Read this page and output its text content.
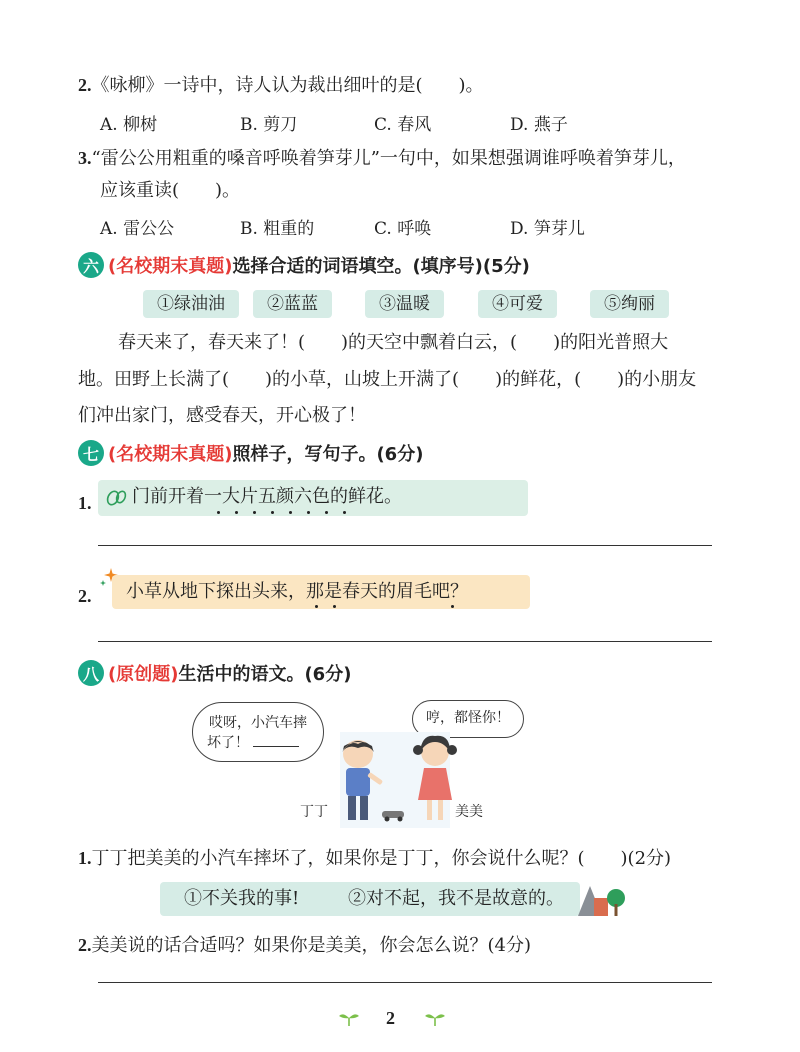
2.《咏柳》一诗中，诗人认为裁出细叶的是(　　)。
A. 柳树	B. 剪刀	C. 春风	D. 燕子
3.“雷公公用粗重的嗓音呼唤着笋芽儿”一句中，如果想强调谁呼唤着笋芽儿，
应该重读(　　)。
A. 雷公公	B. 粗重的	C. 呼唤	D. 笋芽儿
六 (名校期末真题) 选择合适的词语填空。(填序号)(5分)
①绿油油	②蓝蓝	③温暖	④可爱	⑤绚丽
春天来了，春天来了！(　　)的天空中飘着白云，(　　)的阳光普照大
地。田野上长满了(　　)的小草，山坡上开满了(　　)的鲜花，(　　)的小朋友
们冲出家门，感受春天，开心极了！
七 (名校期末真题) 照样子，写句子。(6分)
1. 门前开着一大片五颜六色的鲜花。
2. 小草从地下探出头来，那是春天的眉毛吧？
八 (原创题) 生活中的语文。(6分)
哎呀，小汽车摔
坏了！
哼，都怪你！
丁丁	美美
1.丁丁把美美的小汽车摔坏了，如果你是丁丁，你会说什么呢？(　　)(2分)
①不关我的事!	②对不起，我不是故意的。
2.美美说的话合适吗？如果你是美美，你会怎么说？(4分)
2
